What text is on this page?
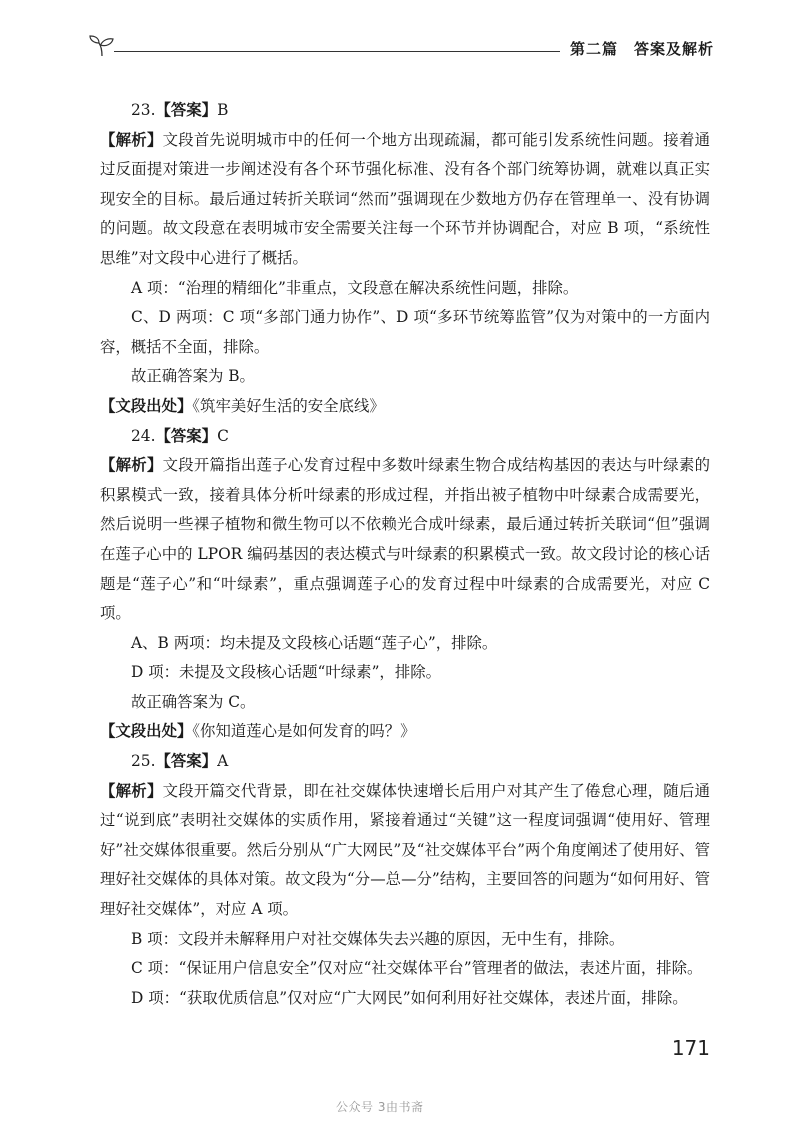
第二篇　答案及解析

23.【答案】B

【解析】文段首先说明城市中的任何一个地方出现疏漏，都可能引发系统性问题。接着通过反面提对策进一步阐述没有各个环节强化标准、没有各个部门统筹协调，就难以真正实现安全的目标。最后通过转折关联词“然而”强调现在少数地方仍存在管理单一、没有协调的问题。故文段意在表明城市安全需要关注每一个环节并协调配合，对应 B 项，“系统性思维”对文段中心进行了概括。

A 项：“治理的精细化”非重点，文段意在解决系统性问题，排除。

C、D 两项：C 项“多部门通力协作”、D 项“多环节统筹监管”仅为对策中的一方面内容，概括不全面，排除。

故正确答案为 B。

【文段出处】《筑牢美好生活的安全底线》

24.【答案】C

【解析】文段开篇指出莲子心发育过程中多数叶绿素生物合成结构基因的表达与叶绿素的积累模式一致，接着具体分析叶绿素的形成过程，并指出被子植物中叶绿素合成需要光，然后说明一些裸子植物和微生物可以不依赖光合成叶绿素，最后通过转折关联词“但”强调在莲子心中的 LPOR 编码基因的表达模式与叶绿素的积累模式一致。故文段讨论的核心话题是“莲子心”和“叶绿素”，重点强调莲子心的发育过程中叶绿素的合成需要光，对应 C 项。

A、B 两项：均未提及文段核心话题“莲子心”，排除。

D 项：未提及文段核心话题“叶绿素”，排除。

故正确答案为 C。

【文段出处】《你知道莲心是如何发育的吗？》

25.【答案】A

【解析】文段开篇交代背景，即在社交媒体快速增长后用户对其产生了倦怠心理，随后通过“说到底”表明社交媒体的实质作用，紧接着通过“关键”这一程度词强调“使用好、管理好”社交媒体很重要。然后分别从“广大网民”及“社交媒体平台”两个角度阐述了使用好、管理好社交媒体的具体对策。故文段为“分—总—分”结构，主要回答的问题为“如何用好、管理好社交媒体”，对应 A 项。

B 项：文段并未解释用户对社交媒体失去兴趣的原因，无中生有，排除。

C 项：“保证用户信息安全”仅对应“社交媒体平台”管理者的做法，表述片面，排除。

D 项：“获取优质信息”仅对应“广大网民”如何利用好社交媒体，表述片面，排除。

171
公众号 3由书斋
